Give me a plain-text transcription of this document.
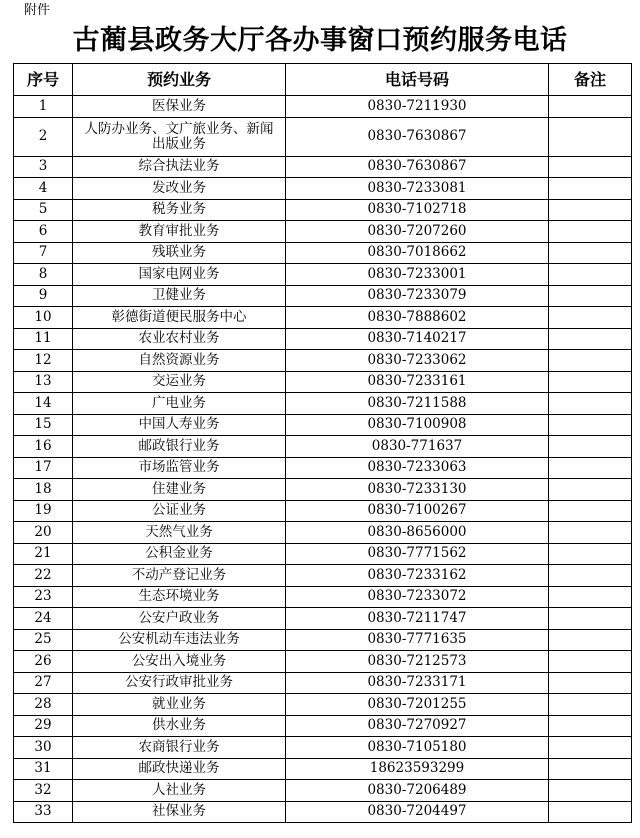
附件
古蔺县政务大厅各办事窗口预约服务电话
序号	预约业务	电话号码	备注
1	医保业务	0830-7211930	
2	人防办业务、文广旅业务、新闻出版业务	0830-7630867	
3	综合执法业务	0830-7630867	
4	发改业务	0830-7233081	
5	税务业务	0830-7102718	
6	教育审批业务	0830-7207260	
7	残联业务	0830-7018662	
8	国家电网业务	0830-7233001	
9	卫健业务	0830-7233079	
10	彰德街道便民服务中心	0830-7888602	
11	农业农村业务	0830-7140217	
12	自然资源业务	0830-7233062	
13	交运业务	0830-7233161	
14	广电业务	0830-7211588	
15	中国人寿业务	0830-7100908	
16	邮政银行业务	0830-771637	
17	市场监管业务	0830-7233063	
18	住建业务	0830-7233130	
19	公证业务	0830-7100267	
20	天然气业务	0830-8656000	
21	公积金业务	0830-7771562	
22	不动产登记业务	0830-7233162	
23	生态环境业务	0830-7233072	
24	公安户政业务	0830-7211747	
25	公安机动车违法业务	0830-7771635	
26	公安出入境业务	0830-7212573	
27	公安行政审批业务	0830-7233171	
28	就业业务	0830-7201255	
29	供水业务	0830-7270927	
30	农商银行业务	0830-7105180	
31	邮政快递业务	18623593299	
32	人社业务	0830-7206489	
33	社保业务	0830-7204497	
